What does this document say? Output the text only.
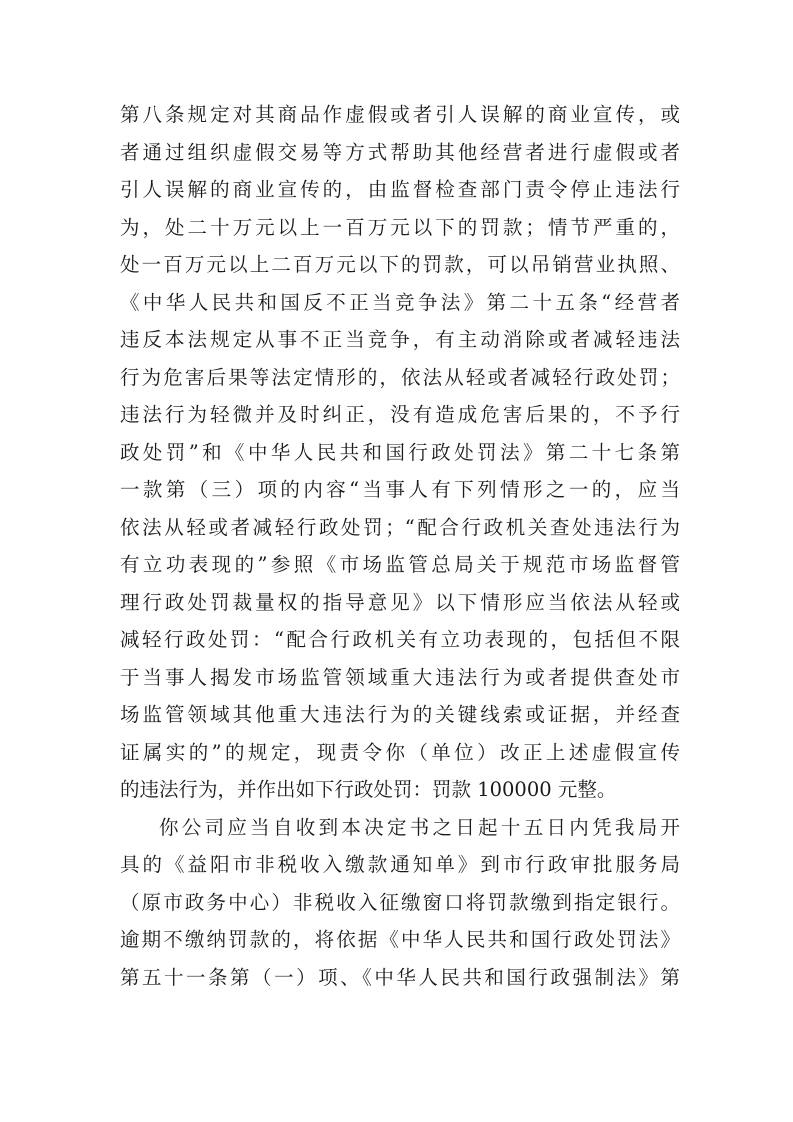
第八条规定对其商品作虚假或者引人误解的商业宣传，或
者通过组织虚假交易等方式帮助其他经营者进行虚假或者
引人误解的商业宣传的，由监督检查部门责令停止违法行
为，处二十万元以上一百万元以下的罚款；情节严重的，
处一百万元以上二百万元以下的罚款，可以吊销营业执照、
《中华人民共和国反不正当竞争法》第二十五条“经营者
违反本法规定从事不正当竞争，有主动消除或者减轻违法
行为危害后果等法定情形的，依法从轻或者减轻行政处罚；
违法行为轻微并及时纠正，没有造成危害后果的，不予行
政处罚”和《中华人民共和国行政处罚法》第二十七条第
一款第（三）项的内容“当事人有下列情形之一的，应当
依法从轻或者减轻行政处罚；“配合行政机关查处违法行为
有立功表现的”参照《市场监管总局关于规范市场监督管
理行政处罚裁量权的指导意见》以下情形应当依法从轻或
减轻行政处罚：“配合行政机关有立功表现的，包括但不限
于当事人揭发市场监管领域重大违法行为或者提供查处市
场监管领域其他重大违法行为的关键线索或证据，并经查
证属实的”的规定，现责令你（单位）改正上述虚假宣传
的违法行为，并作出如下行政处罚：罚款 100000 元整。
你公司应当自收到本决定书之日起十五日内凭我局开
具的《益阳市非税收入缴款通知单》到市行政审批服务局
（原市政务中心）非税收入征缴窗口将罚款缴到指定银行。
逾期不缴纳罚款的，将依据《中华人民共和国行政处罚法》
第五十一条第（一）项、《中华人民共和国行政强制法》第
